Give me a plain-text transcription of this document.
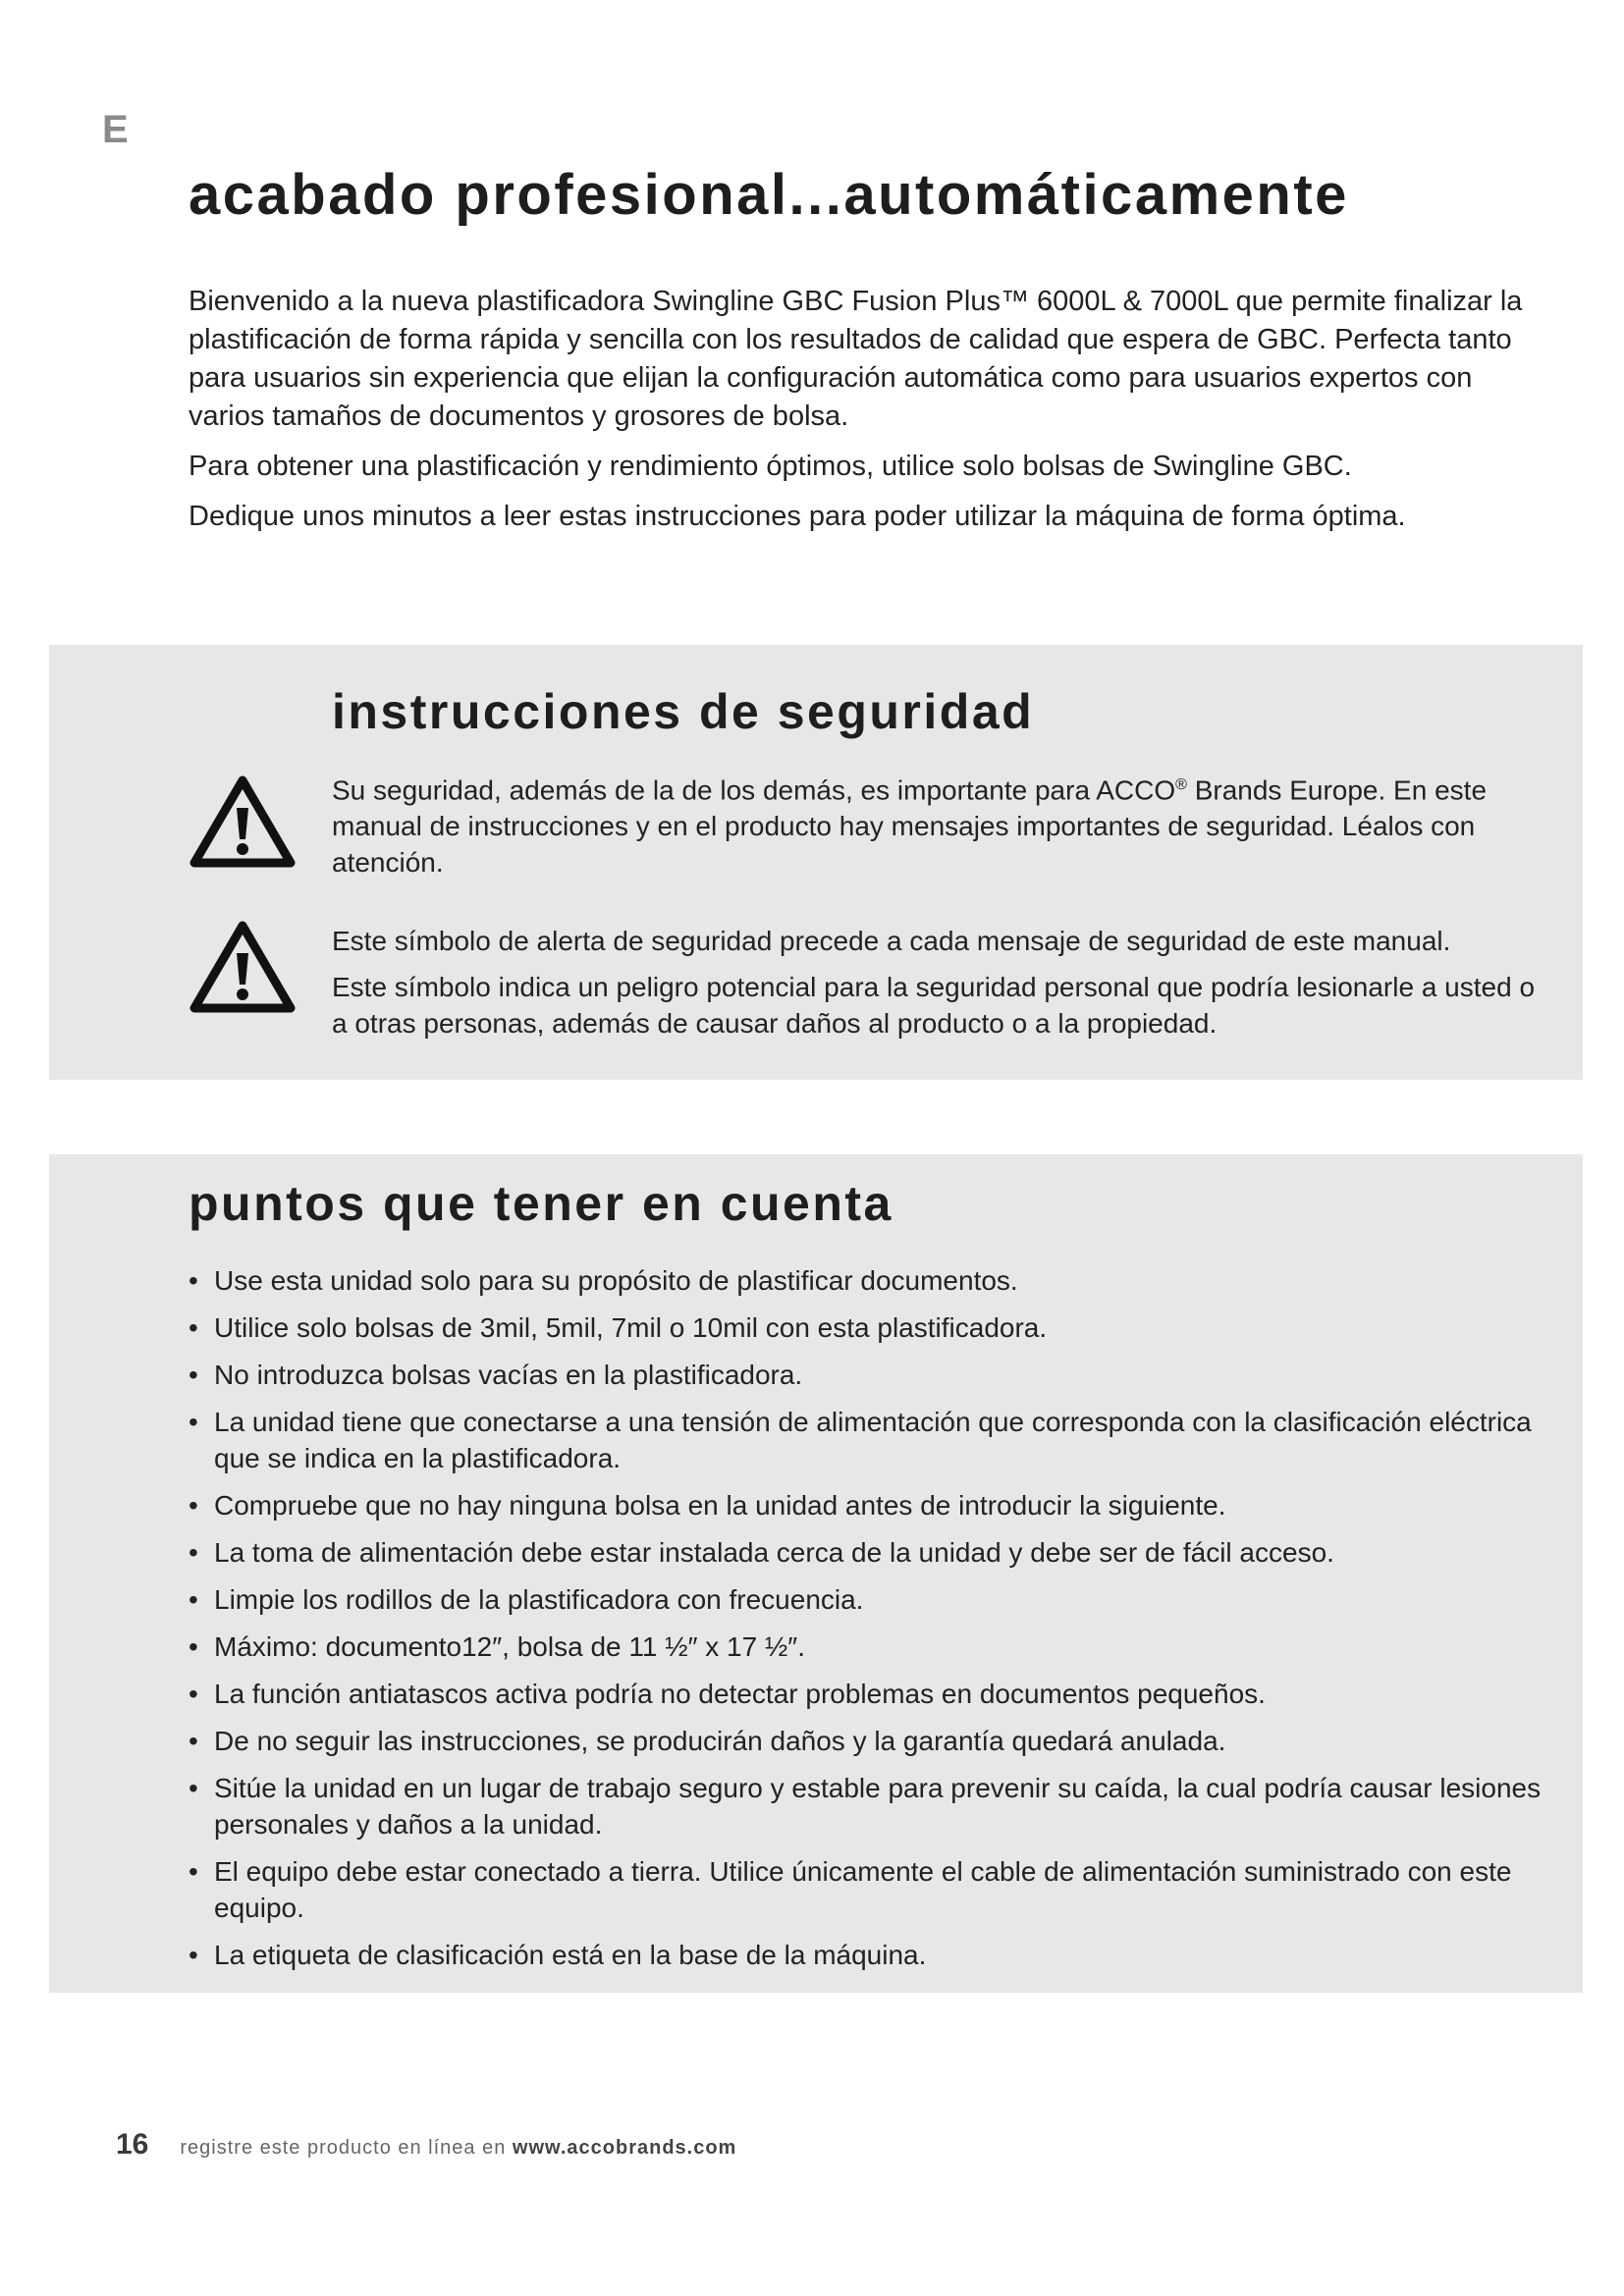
E
acabado profesional...automáticamente

Bienvenido a la nueva plastificadora Swingline GBC Fusion Plus™ 6000L & 7000L que permite finalizar la plastificación de forma rápida y sencilla con los resultados de calidad que espera de GBC. Perfecta tanto para usuarios sin experiencia que elijan la configuración automática como para usuarios expertos con varios tamaños de documentos y grosores de bolsa.

Para obtener una plastificación y rendimiento óptimos, utilice solo bolsas de Swingline GBC.

Dedique unos minutos a leer estas instrucciones para poder utilizar la máquina de forma óptima.

instrucciones de seguridad

Su seguridad, además de la de los demás, es importante para ACCO® Brands Europe. En este manual de instrucciones y en el producto hay mensajes importantes de seguridad. Léalos con atención.

Este símbolo de alerta de seguridad precede a cada mensaje de seguridad de este manual.

Este símbolo indica un peligro potencial para la seguridad personal que podría lesionarle a usted o a otras personas, además de causar daños al producto o a la propiedad.

puntos que tener en cuenta
• Use esta unidad solo para su propósito de plastificar documentos.
• Utilice solo bolsas de 3mil, 5mil, 7mil o 10mil con esta plastificadora.
• No introduzca bolsas vacías en la plastificadora.
• La unidad tiene que conectarse a una tensión de alimentación que corresponda con la clasificación eléctrica que se indica en la plastificadora.
• Compruebe que no hay ninguna bolsa en la unidad antes de introducir la siguiente.
• La toma de alimentación debe estar instalada cerca de la unidad y debe ser de fácil acceso.
• Limpie los rodillos de la plastificadora con frecuencia.
• Máximo: documento12″, bolsa de 11 ½″ x 17 ½″.
• La función antiatascos activa podría no detectar problemas en documentos pequeños.
• De no seguir las instrucciones, se producirán daños y la garantía quedará anulada.
• Sitúe la unidad en un lugar de trabajo seguro y estable para prevenir su caída, la cual podría causar lesiones personales y daños a la unidad.
• El equipo debe estar conectado a tierra. Utilice únicamente el cable de alimentación suministrado con este equipo.
• La etiqueta de clasificación está en la base de la máquina.
16 registre este producto en línea en www.accobrands.com
